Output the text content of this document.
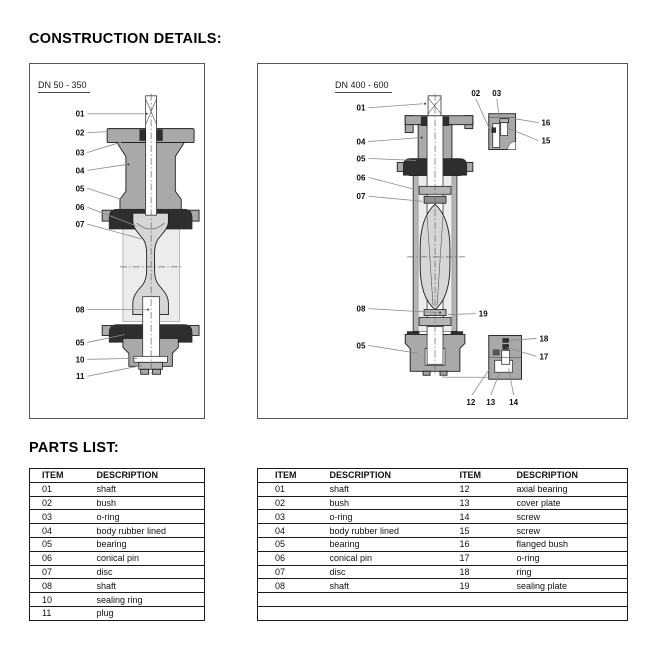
CONSTRUCTION DETAILS:
01
02
03
04
05
06
07
08
05
10
11
DN 50 - 350
01
04
05
06
07
08
19
05
02 03
16
15
18
17
12 13 14
DN 400 - 600
PARTS LIST:
ITEM	DESCRIPTION
01	shaft
02	bush
03	o-ring
04	body rubber lined
05	bearing
06	conical pin
07	disc
08	shaft
10	sealing ring
11	plug
ITEM	DESCRIPTION	ITEM	DESCRIPTION
01	shaft	12	axial bearing
02	bush	13	cover plate
03	o-ring	14	screw
04	body rubber lined	15	screw
05	bearing	16	flanged bush
06	conical pin	17	o-ring
07	disc	18	ring
08	shaft	19	sealing plate
